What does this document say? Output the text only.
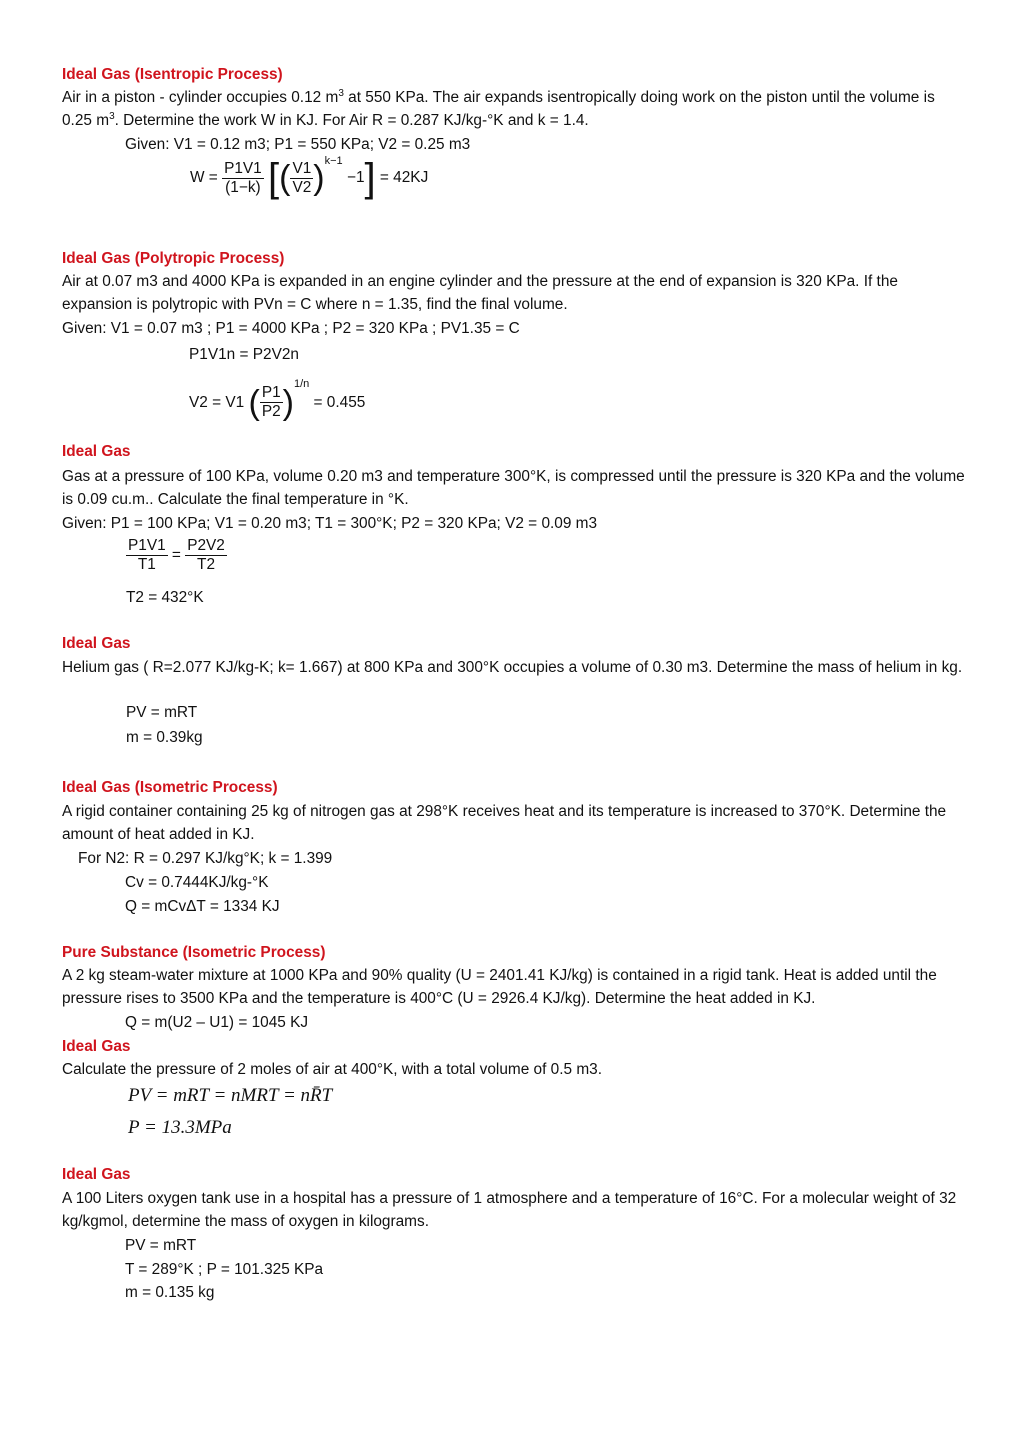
Ideal Gas (Isentropic Process)
Air in a piston - cylinder occupies 0.12 $m^3$ at 550 KPa. The air expands isentropically doing work on the piston until the volume is 0.25 $m^3$. Determine the work W in KJ. For Air R = 0.287 KJ/kg-°K and k = 1.4.
Given: V1 = 0.12 m3; P1 = 550 KPa; V2 = 0.25 m3
$W = \frac{P1V1}{(1-k)}$ [( $\frac{V1}{V2} )^{k-1} -1] = 42KJ$
Ideal Gas (Polytropic Process)
Air at 0.07 m3 and 4000 KPa is expanded in an engine cylinder and the pressure at the end of expansion is 320 KPa. If the expansion is polytropic with PVn = C where n = 1.35, find the final volume.
Given: V1 = 0.07 m3 ; P1 = 4000 KPa ; P2 = 320 KPa ; PV1.35 = C
P1V1n = P2V2n
V2 = V1 ( $\frac{P1}{P2} )^{1/n} = 0.455$
Ideal Gas
Gas at a pressure of 100 KPa, volume 0.20 m3 and temperature 300°K, is compressed until the pressure is 320 KPa and the volume is 0.09 cu.m.. Calculate the final temperature in °K.
Given: P1 = 100 KPa; V1 = 0.20 m3; T1 = 300°K; P2 = 320 KPa; V2 = 0.09 m3
$\frac{P1V1}{T1} = \frac{P2V2}{T2}$
T2 = 432°K
Ideal Gas
Helium gas ( R=2.077 KJ/kg-K; k= 1.667) at 800 KPa and 300°K occupies a volume of 0.30 m3. Determine the mass of helium in kg.
PV = mRT
m = 0.39kg
Ideal Gas (Isometric Process)
A rigid container containing 25 kg of nitrogen gas at 298°K receives heat and its temperature is increased to 370°K. Determine the amount of heat added in KJ.
For N2: R = 0.297 KJ/kg°K; k = 1.399
Cv = 0.7444KJ/kg-°K
Q = mCvΔT = 1334 KJ
Pure Substance (Isometric Process)
A 2 kg steam-water mixture at 1000 KPa and 90% quality (U = 2401.41 KJ/kg) is contained in a rigid tank. Heat is added until the pressure rises to 3500 KPa and the temperature is 400°C (U = 2926.4 KJ/kg). Determine the heat added in KJ.
Q = m(U2 – U1) = 1045 KJ
Ideal Gas
Calculate the pressure of 2 moles of air at 400°K, with a total volume of 0.5 m3.
PV = mRT = nMRT = nR̄T
P = 13.3MPa
Ideal Gas
A 100 Liters oxygen tank use in a hospital has a pressure of 1 atmosphere and a temperature of 16°C. For a molecular weight of 32 kg/kgmol, determine the mass of oxygen in kilograms.
PV = mRT
T = 289°K ; P = 101.325 KPa
m = 0.135 kg
